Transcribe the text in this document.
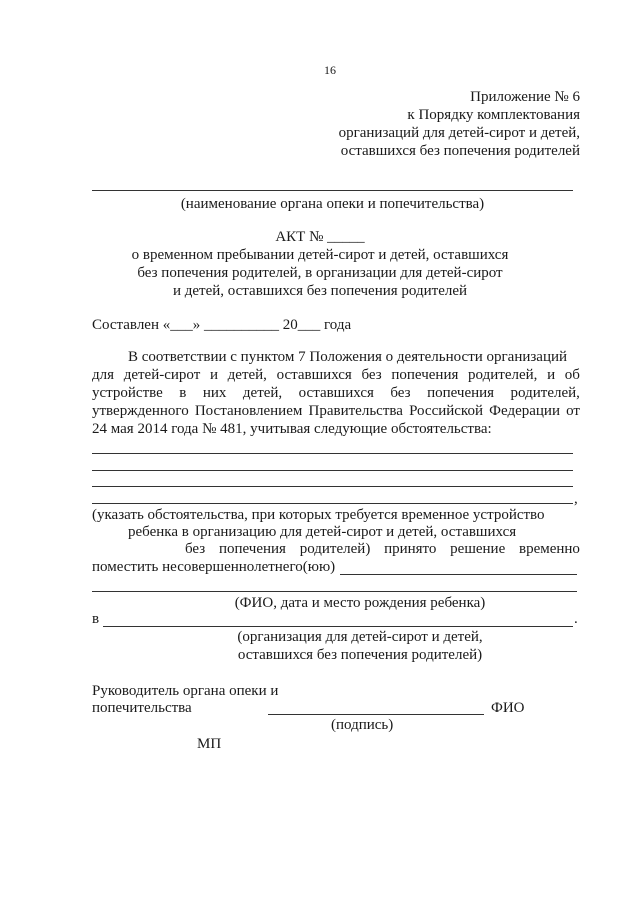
16
Приложение № 6
к Порядку комплектования
организаций для детей-сирот и детей,
оставшихся без попечения родителей
(наименование органа опеки и попечительства)
АКТ № _____
о временном пребывании детей-сирот и детей, оставшихся
без попечения родителей, в организации для детей-сирот
и детей, оставшихся без попечения родителей
Составлен «___» __________ 20___ года
В соответствии с пунктом 7 Положения о деятельности организаций
для детей-сирот и детей, оставшихся без попечения родителей, и об
устройстве в них детей, оставшихся без попечения родителей,
утвержденного Постановлением Правительства Российской Федерации от
24 мая 2014 года № 481, учитывая следующие обстоятельства:
,
(указать обстоятельства, при которых требуется временное устройство
ребенка в организацию для детей-сирот и детей, оставшихся
без попечения родителей) принято решение временно
поместить несовершеннолетнего(юю)
(ФИО, дата и место рождения ребенка)
в	.
(организация для детей-сирот и детей,
оставшихся без попечения родителей)
Руководитель органа опеки и
попечительства	ФИО
(подпись)
МП
